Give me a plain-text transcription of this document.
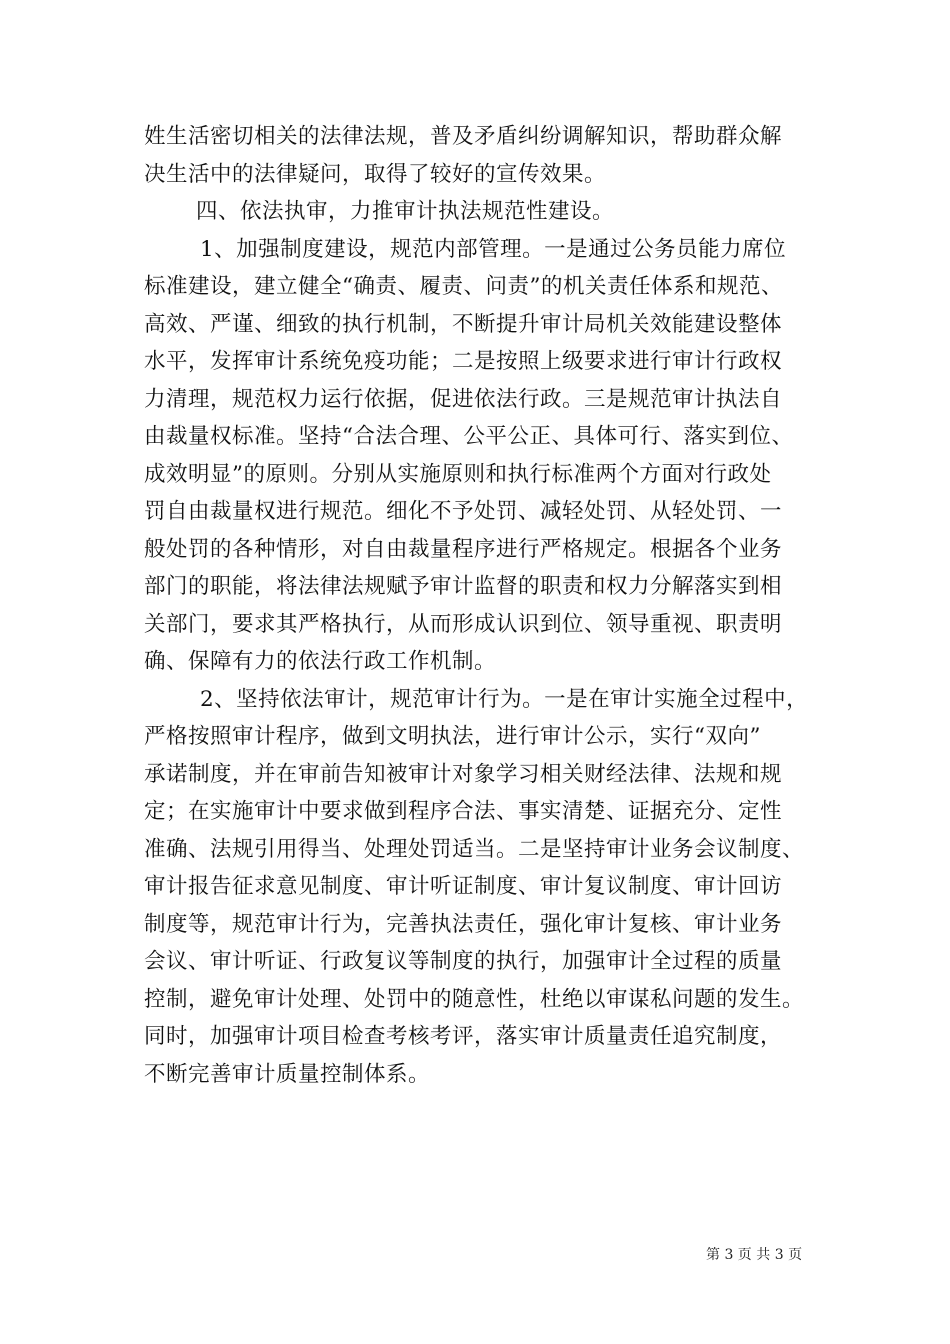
姓生活密切相关的法律法规，普及矛盾纠纷调解知识，帮助群众解
决生活中的法律疑问，取得了较好的宣传效果。
四、依法执审，力推审计执法规范性建设。
1、加强制度建设，规范内部管理。一是通过公务员能力席位
标准建设，建立健全“确责、履责、问责”的机关责任体系和规范、
高效、严谨、细致的执行机制，不断提升审计局机关效能建设整体
水平，发挥审计系统免疫功能；二是按照上级要求进行审计行政权
力清理，规范权力运行依据，促进依法行政。三是规范审计执法自
由裁量权标准。坚持“合法合理、公平公正、具体可行、落实到位、
成效明显”的原则。分别从实施原则和执行标准两个方面对行政处
罚自由裁量权进行规范。细化不予处罚、减轻处罚、从轻处罚、一
般处罚的各种情形，对自由裁量程序进行严格规定。根据各个业务
部门的职能，将法律法规赋予审计监督的职责和权力分解落实到相
关部门，要求其严格执行，从而形成认识到位、领导重视、职责明
确、保障有力的依法行政工作机制。
2、坚持依法审计，规范审计行为。一是在审计实施全过程中，
严格按照审计程序，做到文明执法，进行审计公示，实行“双向”
承诺制度，并在审前告知被审计对象学习相关财经法律、法规和规
定；在实施审计中要求做到程序合法、事实清楚、证据充分、定性
准确、法规引用得当、处理处罚适当。二是坚持审计业务会议制度、
审计报告征求意见制度、审计听证制度、审计复议制度、审计回访
制度等，规范审计行为，完善执法责任，强化审计复核、审计业务
会议、审计听证、行政复议等制度的执行，加强审计全过程的质量
控制，避免审计处理、处罚中的随意性，杜绝以审谋私问题的发生。
同时，加强审计项目检查考核考评，落实审计质量责任追究制度，
不断完善审计质量控制体系。
第 3 页 共 3 页
